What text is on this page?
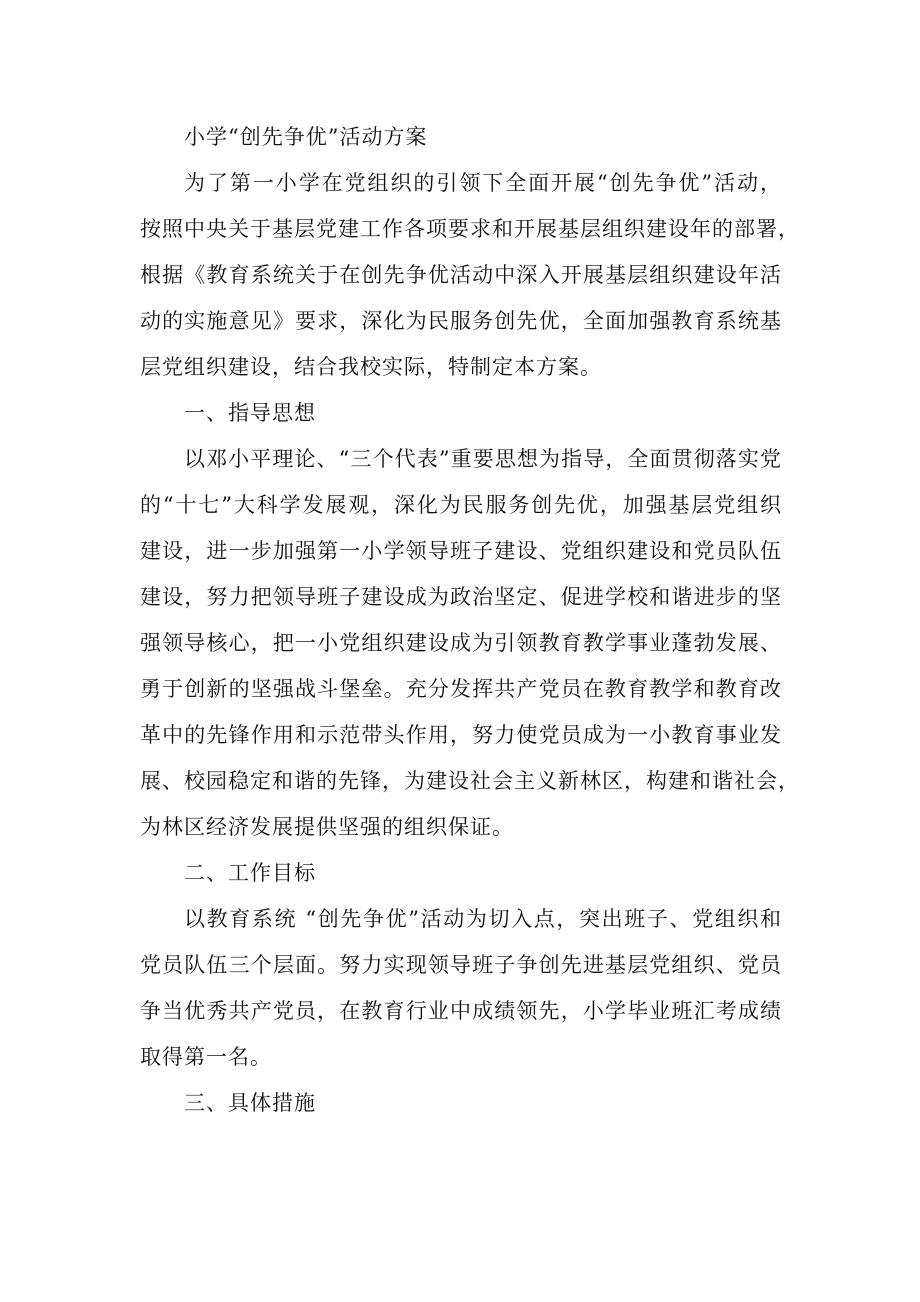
小学“创先争优”活动方案
为了第一小学在党组织的引领下全面开展“创先争优”活动，
按照中央关于基层党建工作各项要求和开展基层组织建设年的部署，
根据《教育系统关于在创先争优活动中深入开展基层组织建设年活
动的实施意见》要求，深化为民服务创先优，全面加强教育系统基
层党组织建设，结合我校实际，特制定本方案。
一、指导思想
以邓小平理论、“三个代表”重要思想为指导，全面贯彻落实党
的“十七”大科学发展观，深化为民服务创先优，加强基层党组织
建设，进一步加强第一小学领导班子建设、党组织建设和党员队伍
建设，努力把领导班子建设成为政治坚定、促进学校和谐进步的坚
强领导核心，把一小党组织建设成为引领教育教学事业蓬勃发展、
勇于创新的坚强战斗堡垒。充分发挥共产党员在教育教学和教育改
革中的先锋作用和示范带头作用，努力使党员成为一小教育事业发
展、校园稳定和谐的先锋，为建设社会主义新林区，构建和谐社会，
为林区经济发展提供坚强的组织保证。
二、工作目标
以教育系统 “创先争优”活动为切入点，突出班子、党组织和
党员队伍三个层面。努力实现领导班子争创先进基层党组织、党员
争当优秀共产党员，在教育行业中成绩领先，小学毕业班汇考成绩
取得第一名。
三、具体措施
